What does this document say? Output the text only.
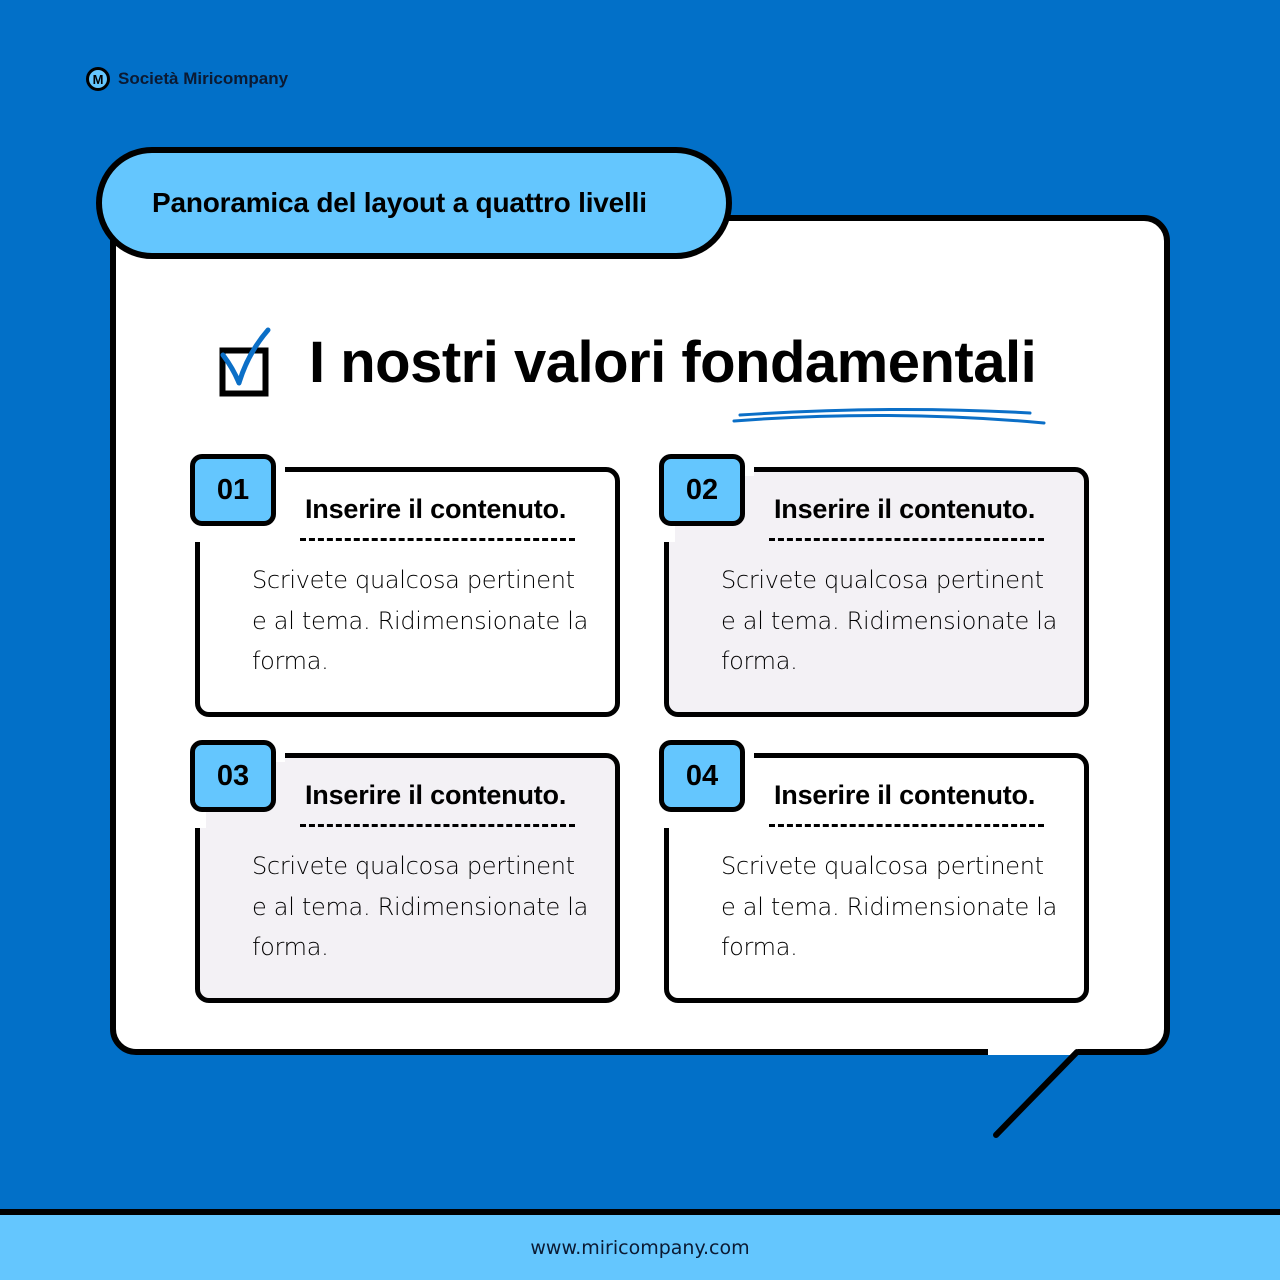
M Società Miricompany
Panoramica del layout a quattro livelli
I nostri valori fondamentali
01
Inserire il contenuto.
Scrivete qualcosa pertinent e al tema. Ridimensionate la forma.
02
Inserire il contenuto.
Scrivete qualcosa pertinent e al tema. Ridimensionate la forma.
03
Inserire il contenuto.
Scrivete qualcosa pertinent e al tema. Ridimensionate la forma.
04
Inserire il contenuto.
Scrivete qualcosa pertinent e al tema. Ridimensionate la forma.
www.miricompany.com
